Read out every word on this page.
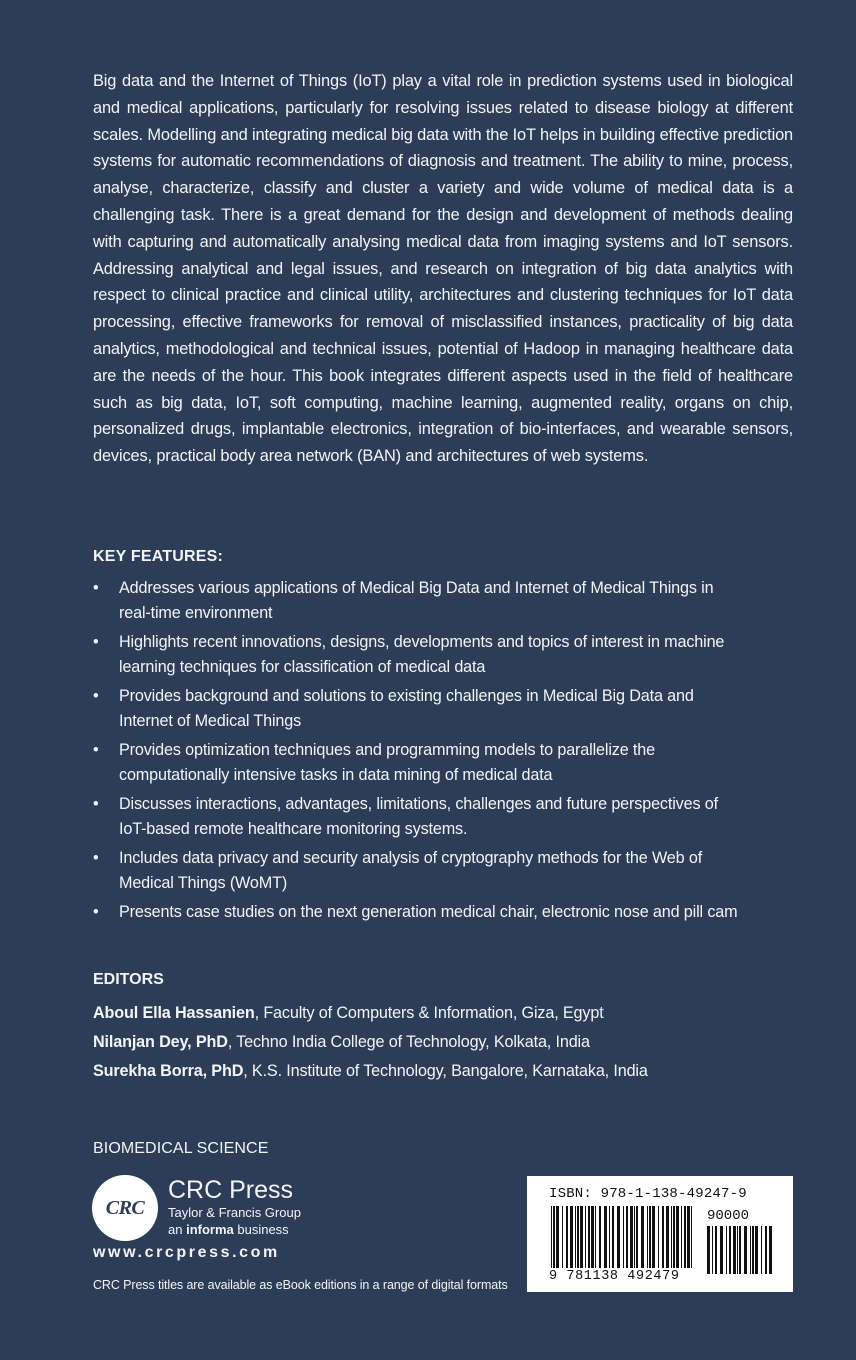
Big data and the Internet of Things (IoT) play a vital role in prediction systems used in biological and medical applications, particularly for resolving issues related to disease biology at different scales. Modelling and integrating medical big data with the IoT helps in building effective prediction systems for automatic recommendations of diagnosis and treatment. The ability to mine, process, analyse, characterize, classify and cluster a variety and wide volume of medical data is a challenging task. There is a great demand for the design and development of methods dealing with capturing and automatically analysing medical data from imaging systems and IoT sensors. Addressing analytical and legal issues, and research on integration of big data analytics with respect to clinical practice and clinical utility, architectures and clustering techniques for IoT data processing, effective frameworks for removal of misclassified instances, practicality of big data analytics, methodological and technical issues, potential of Hadoop in managing healthcare data are the needs of the hour. This book integrates different aspects used in the field of healthcare such as big data, IoT, soft computing, machine learning, augmented reality, organs on chip, personalized drugs, implantable electronics, integration of bio-interfaces, and wearable sensors, devices, practical body area network (BAN) and architectures of web systems.

KEY FEATURES:
• Addresses various applications of Medical Big Data and Internet of Medical Things in real-time environment
• Highlights recent innovations, designs, developments and topics of interest in machine learning techniques for classification of medical data
• Provides background and solutions to existing challenges in Medical Big Data and Internet of Medical Things
• Provides optimization techniques and programming models to parallelize the computationally intensive tasks in data mining of medical data
• Discusses interactions, advantages, limitations, challenges and future perspectives of IoT-based remote healthcare monitoring systems.
• Includes data privacy and security analysis of cryptography methods for the Web of Medical Things (WoMT)
• Presents case studies on the next generation medical chair, electronic nose and pill cam
EDITORS
Aboul Ella Hassanien, Faculty of Computers & Information, Giza, Egypt
Nilanjan Dey, PhD, Techno India College of Technology, Kolkata, India
Surekha Borra, PhD, K.S. Institute of Technology, Bangalore, Karnataka, India

BIOMEDICAL SCIENCE

CRC

CRC Press

Taylor & Francis Group

an informa business

www.crcpress.com

CRC Press titles are available as eBook editions in a range of digital formats

ISBN: 978-1-138-49247-9

90000

9 781138 492479
